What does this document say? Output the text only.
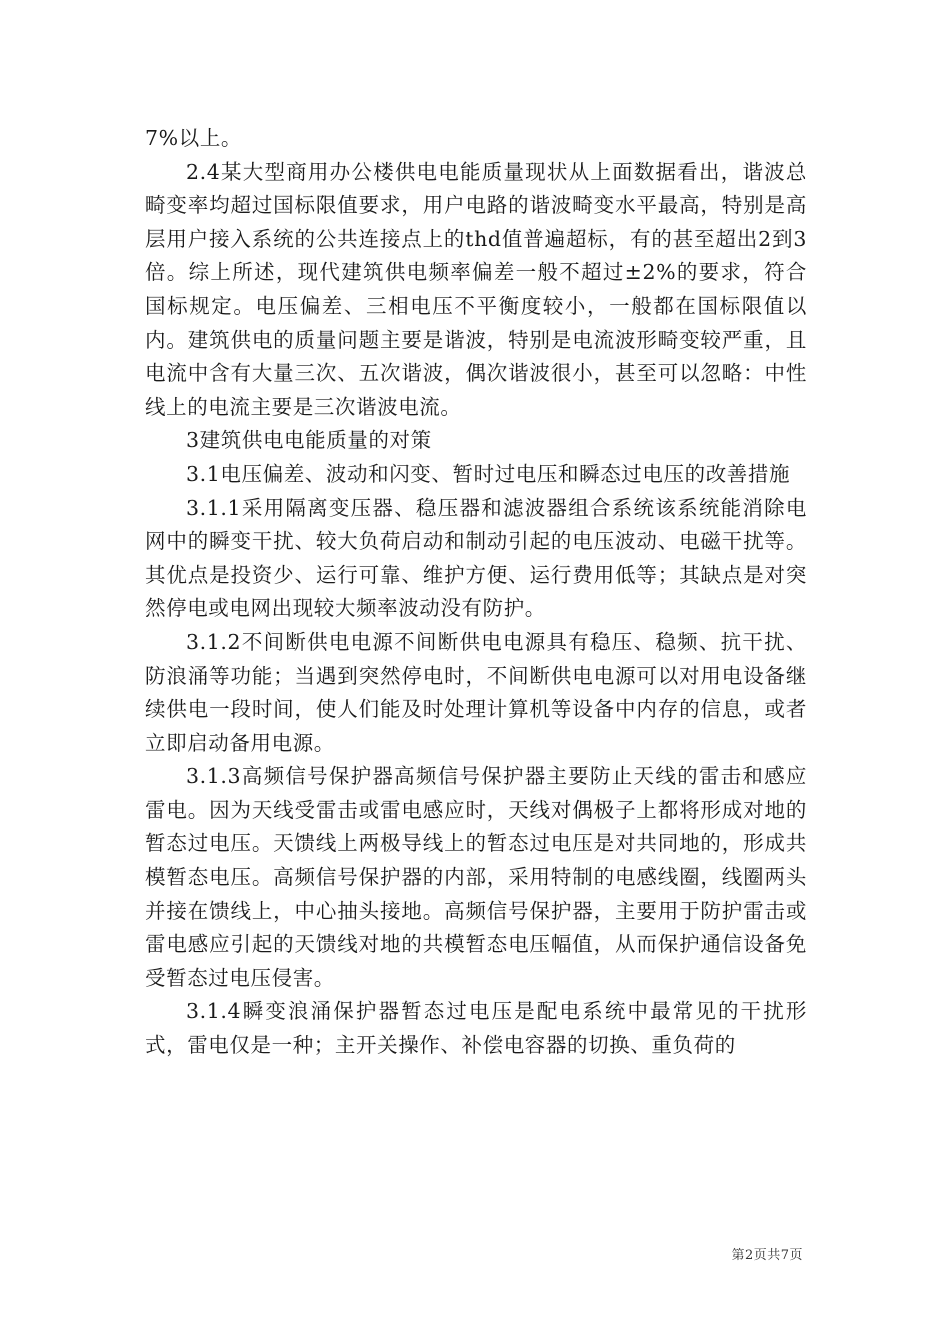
7%以上。

2.4某大型商用办公楼供电电能质量现状从上面数据看出，谐波总畸变率均超过国标限值要求，用户电路的谐波畸变水平最高，特别是高层用户接入系统的公共连接点上的thd值普遍超标，有的甚至超出2到3倍。综上所述，现代建筑供电频率偏差一般不超过±2%的要求，符合国标规定。电压偏差、三相电压不平衡度较小，一般都在国标限值以内。建筑供电的质量问题主要是谐波，特别是电流波形畸变较严重，且电流中含有大量三次、五次谐波，偶次谐波很小，甚至可以忽略：中性线上的电流主要是三次谐波电流。

3建筑供电电能质量的对策

3.1电压偏差、波动和闪变、暂时过电压和瞬态过电压的改善措施

3.1.1采用隔离变压器、稳压器和滤波器组合系统该系统能消除电网中的瞬变干扰、较大负荷启动和制动引起的电压波动、电磁干扰等。其优点是投资少、运行可靠、维护方便、运行费用低等；其缺点是对突然停电或电网出现较大频率波动没有防护。

3.1.2不间断供电电源不间断供电电源具有稳压、稳频、抗干扰、防浪涌等功能；当遇到突然停电时，不间断供电电源可以对用电设备继续供电一段时间，使人们能及时处理计算机等设备中内存的信息，或者立即启动备用电源。

3.1.3高频信号保护器高频信号保护器主要防止天线的雷击和感应雷电。因为天线受雷击或雷电感应时，天线对偶极子上都将形成对地的暂态过电压。天馈线上两极导线上的暂态过电压是对共同地的，形成共模暂态电压。高频信号保护器的内部，采用特制的电感线圈，线圈两头并接在馈线上，中心抽头接地。高频信号保护器，主要用于防护雷击或雷电感应引起的天馈线对地的共模暂态电压幅值，从而保护通信设备免受暂态过电压侵害。

3.1.4瞬变浪涌保护器暂态过电压是配电系统中最常见的干扰形式，雷电仅是一种；主开关操作、补偿电容器的切换、重负荷的

第2页共7页
